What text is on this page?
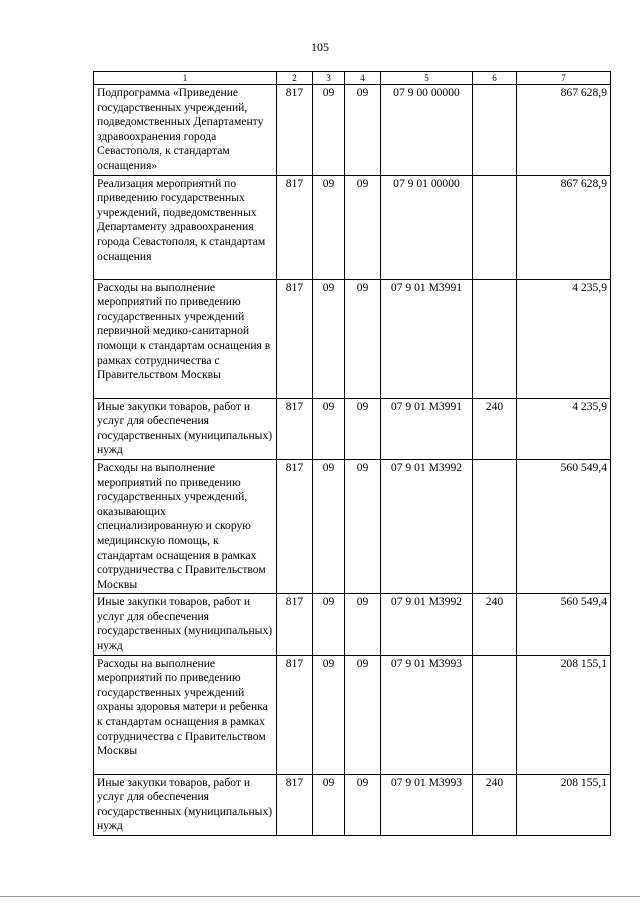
105
1	2	3	4	5	6	7
Подпрограмма «Приведение государственных учреждений, подведомственных Департаменту здравоохранения города Севастополя, к стандартам оснащения»	817	09	09	07 9 00 00000		867 628,9
Реализация мероприятий по приведению государственных учреждений, подведомственных Департаменту здравоохранения города Севастополя, к стандартам оснащения	817	09	09	07 9 01 00000		867 628,9
Расходы на выполнение мероприятий по приведению государственных учреждений первичной медико-санитарной помощи к стандартам оснащения в рамках сотрудничества с Правительством Москвы	817	09	09	07 9 01 М3991		4 235,9
Иные закупки товаров, работ и услуг для обеспечения государственных (муниципальных) нужд	817	09	09	07 9 01 М3991	240	4 235,9
Расходы на выполнение мероприятий по приведению государственных учреждений, оказывающих специализированную и скорую медицинскую помощь, к стандартам оснащения в рамках сотрудничества с Правительством Москвы	817	09	09	07 9 01 М3992		560 549,4
Иные закупки товаров, работ и услуг для обеспечения государственных (муниципальных) нужд	817	09	09	07 9 01 М3992	240	560 549,4
Расходы на выполнение мероприятий по приведению государственных учреждений охраны здоровья матери и ребенка к стандартам оснащения в рамках сотрудничества с Правительством Москвы	817	09	09	07 9 01 М3993		208 155,1
Иные закупки товаров, работ и услуг для обеспечения государственных (муниципальных) нужд	817	09	09	07 9 01 М3993	240	208 155,1
